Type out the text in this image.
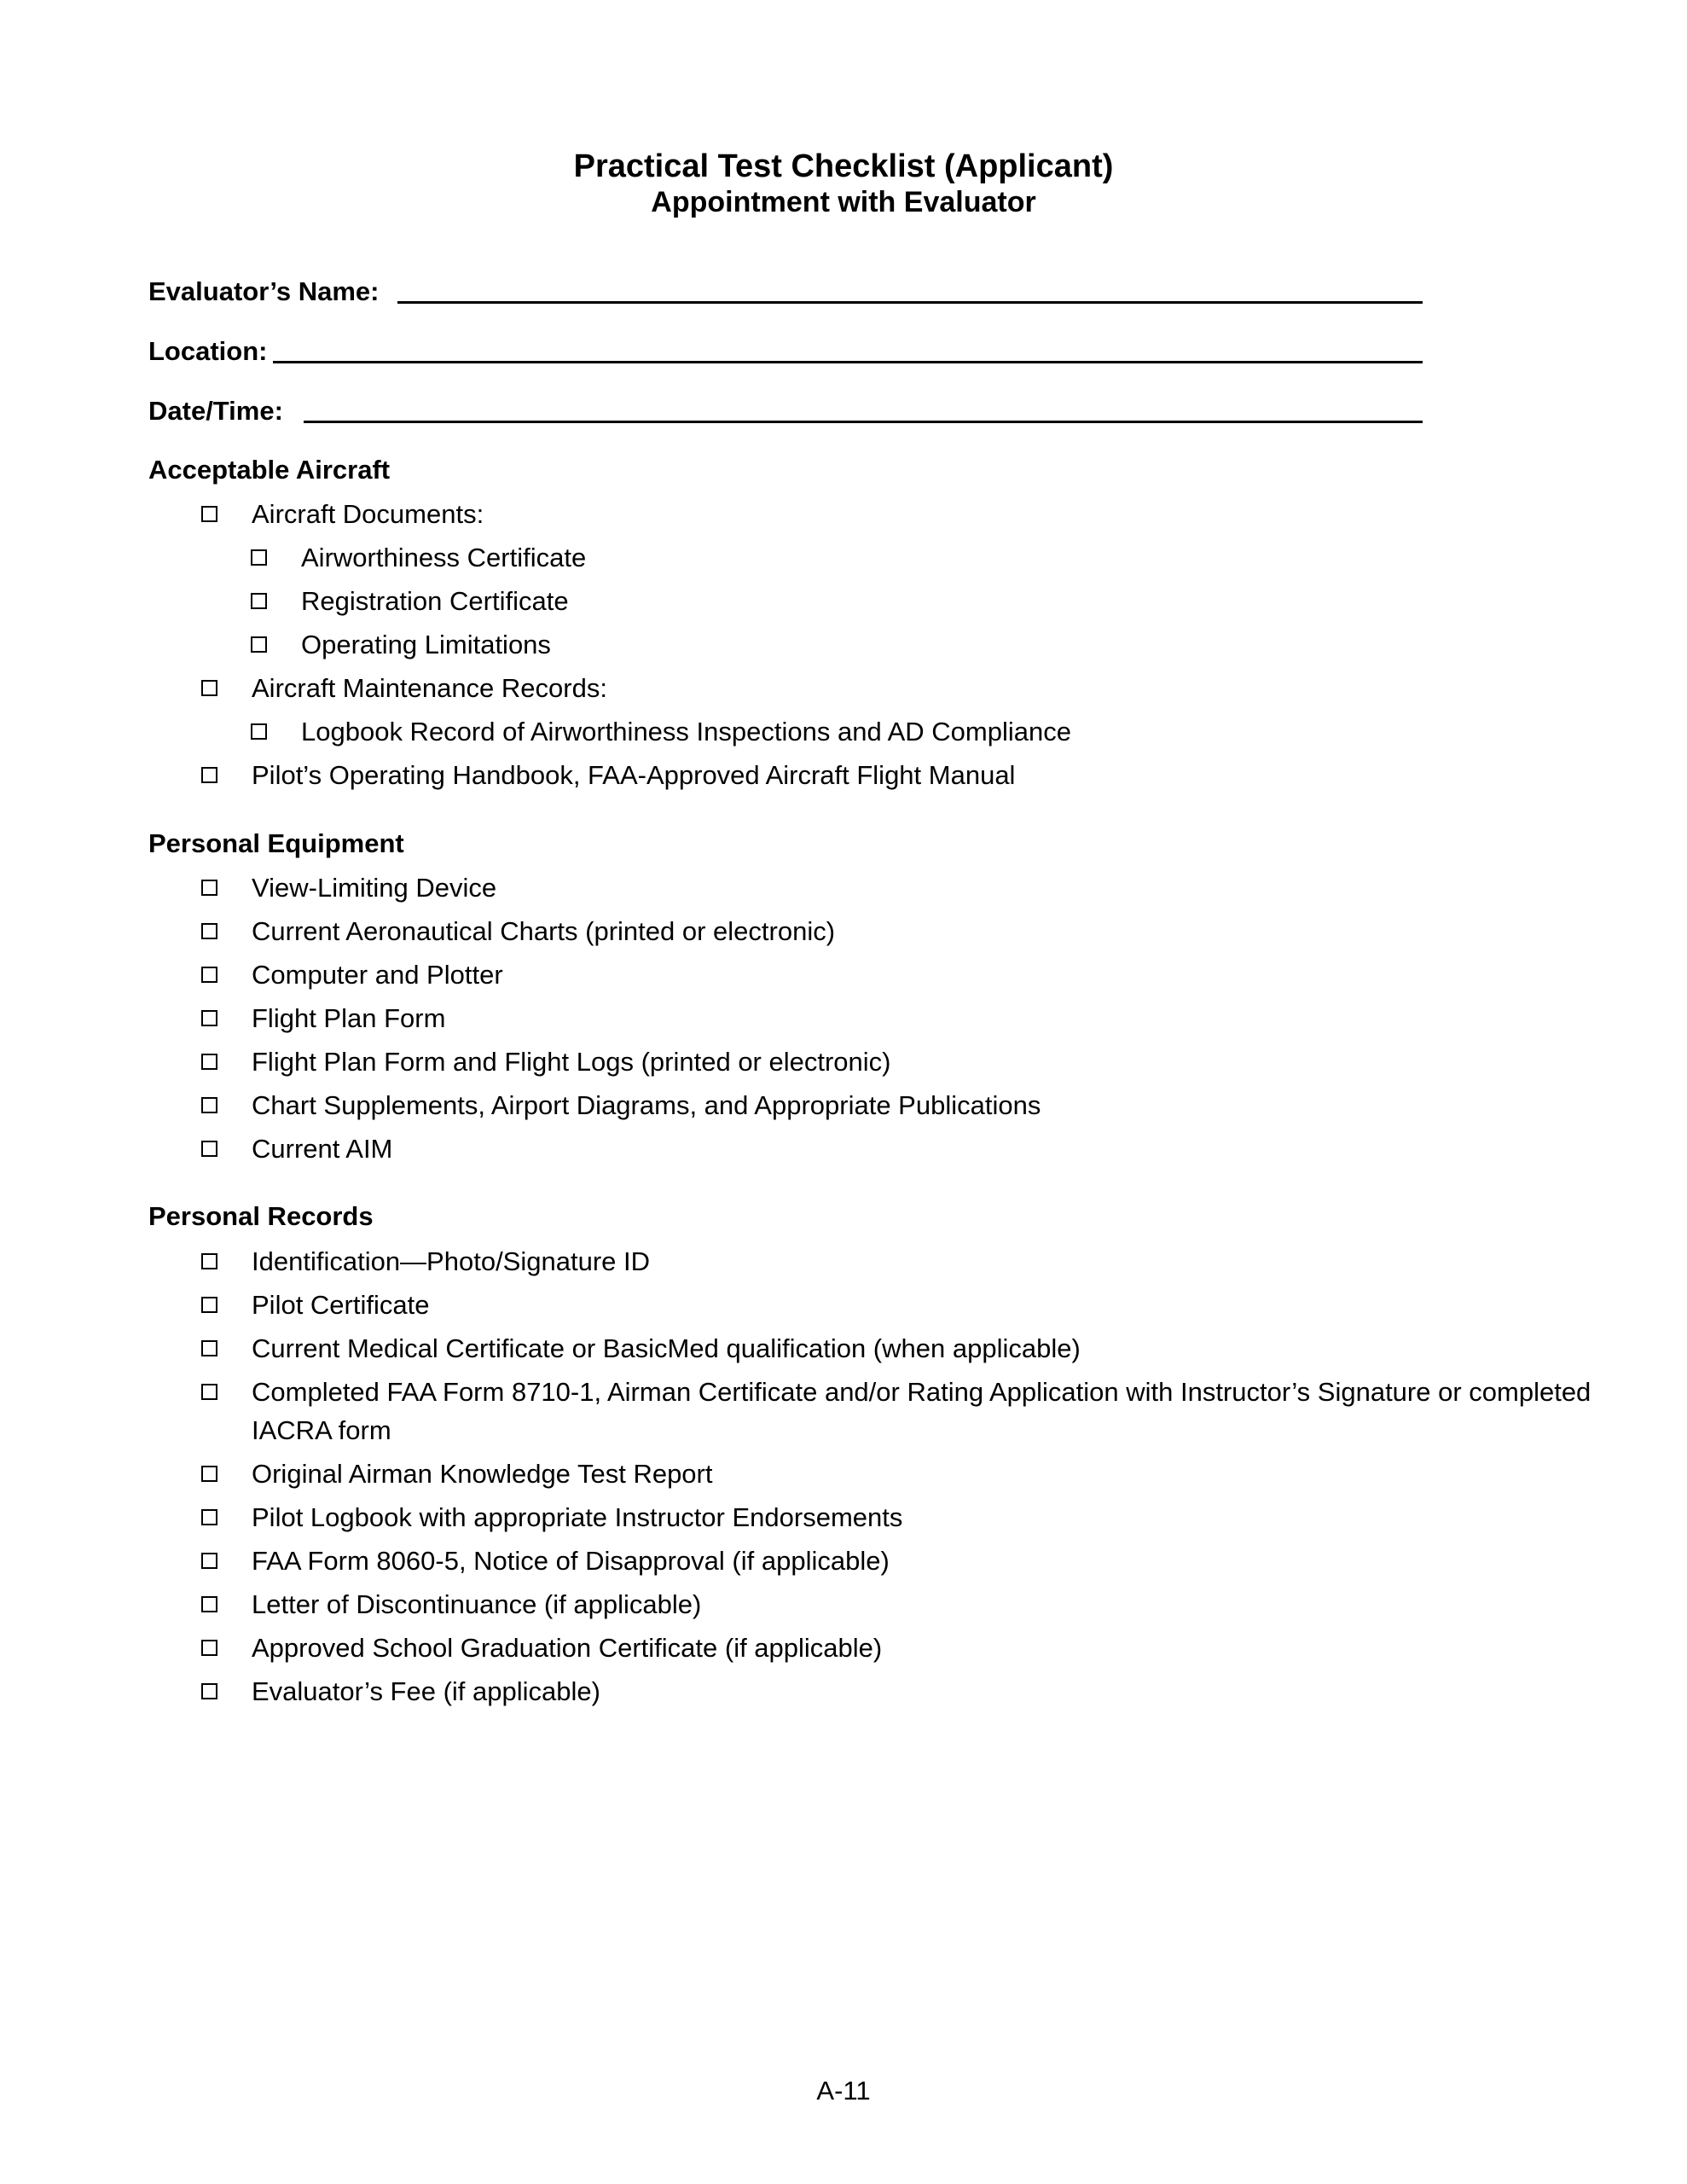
Practical Test Checklist (Applicant)
Appointment with Evaluator
Evaluator’s Name:
Location:
Date/Time:
Acceptable Aircraft
Aircraft Documents:
Airworthiness Certificate
Registration Certificate
Operating Limitations
Aircraft Maintenance Records:
Logbook Record of Airworthiness Inspections and AD Compliance
Pilot’s Operating Handbook, FAA-Approved Aircraft Flight Manual
Personal Equipment
View-Limiting Device
Current Aeronautical Charts (printed or electronic)
Computer and Plotter
Flight Plan Form
Flight Plan Form and Flight Logs (printed or electronic)
Chart Supplements, Airport Diagrams, and Appropriate Publications
Current AIM
Personal Records
Identification—Photo/Signature ID
Pilot Certificate
Current Medical Certificate or BasicMed qualification (when applicable)
Completed FAA Form 8710-1, Airman Certificate and/or Rating Application with Instructor’s Signature or completed IACRA form
Original Airman Knowledge Test Report
Pilot Logbook with appropriate Instructor Endorsements
FAA Form 8060-5, Notice of Disapproval (if applicable)
Letter of Discontinuance (if applicable)
Approved School Graduation Certificate (if applicable)
Evaluator’s Fee (if applicable)
A-11
